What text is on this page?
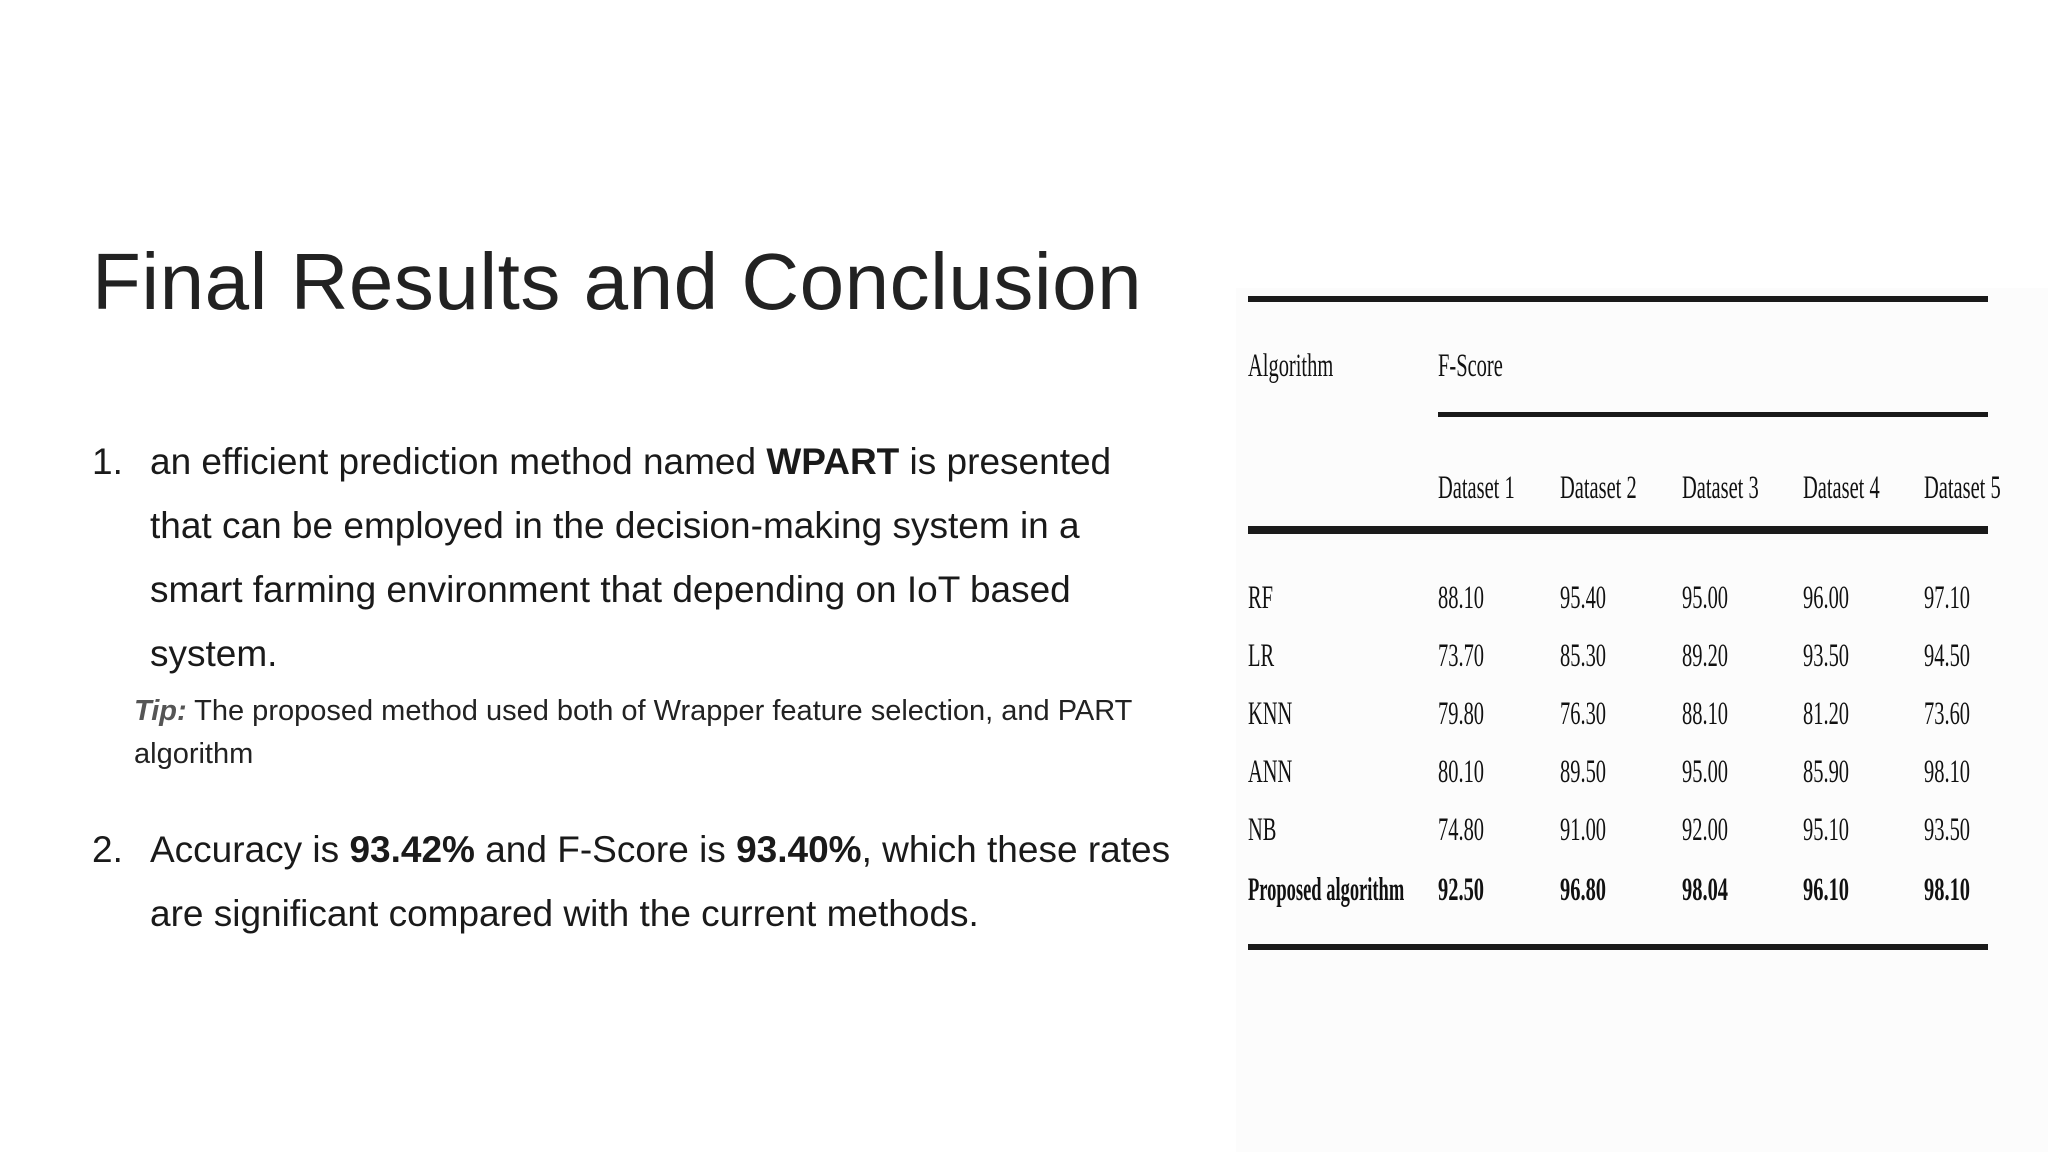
Final Results and Conclusion
1. an efficient prediction method named WPART is presented that can be employed in the decision-making system in a smart farming environment that depending on IoT based system.
Tip: The proposed method used both of Wrapper feature selection, and PART algorithm
2. Accuracy is 93.42% and F-Score is 93.40%, which these rates are significant compared with the current methods.
Algorithm	F-Score
Dataset 1 Dataset 2 Dataset 3 Dataset 4 Dataset 5
RF	88.10 95.40 95.00 96.00 97.10
LR	73.70 85.30 89.20 93.50 94.50
KNN	79.80 76.30 88.10 81.20 73.60
ANN	80.10 89.50 95.00 85.90 98.10
NB	74.80 91.00 92.00 95.10 93.50
Proposed algorithm 92.50 96.80 98.04 96.10 98.10
